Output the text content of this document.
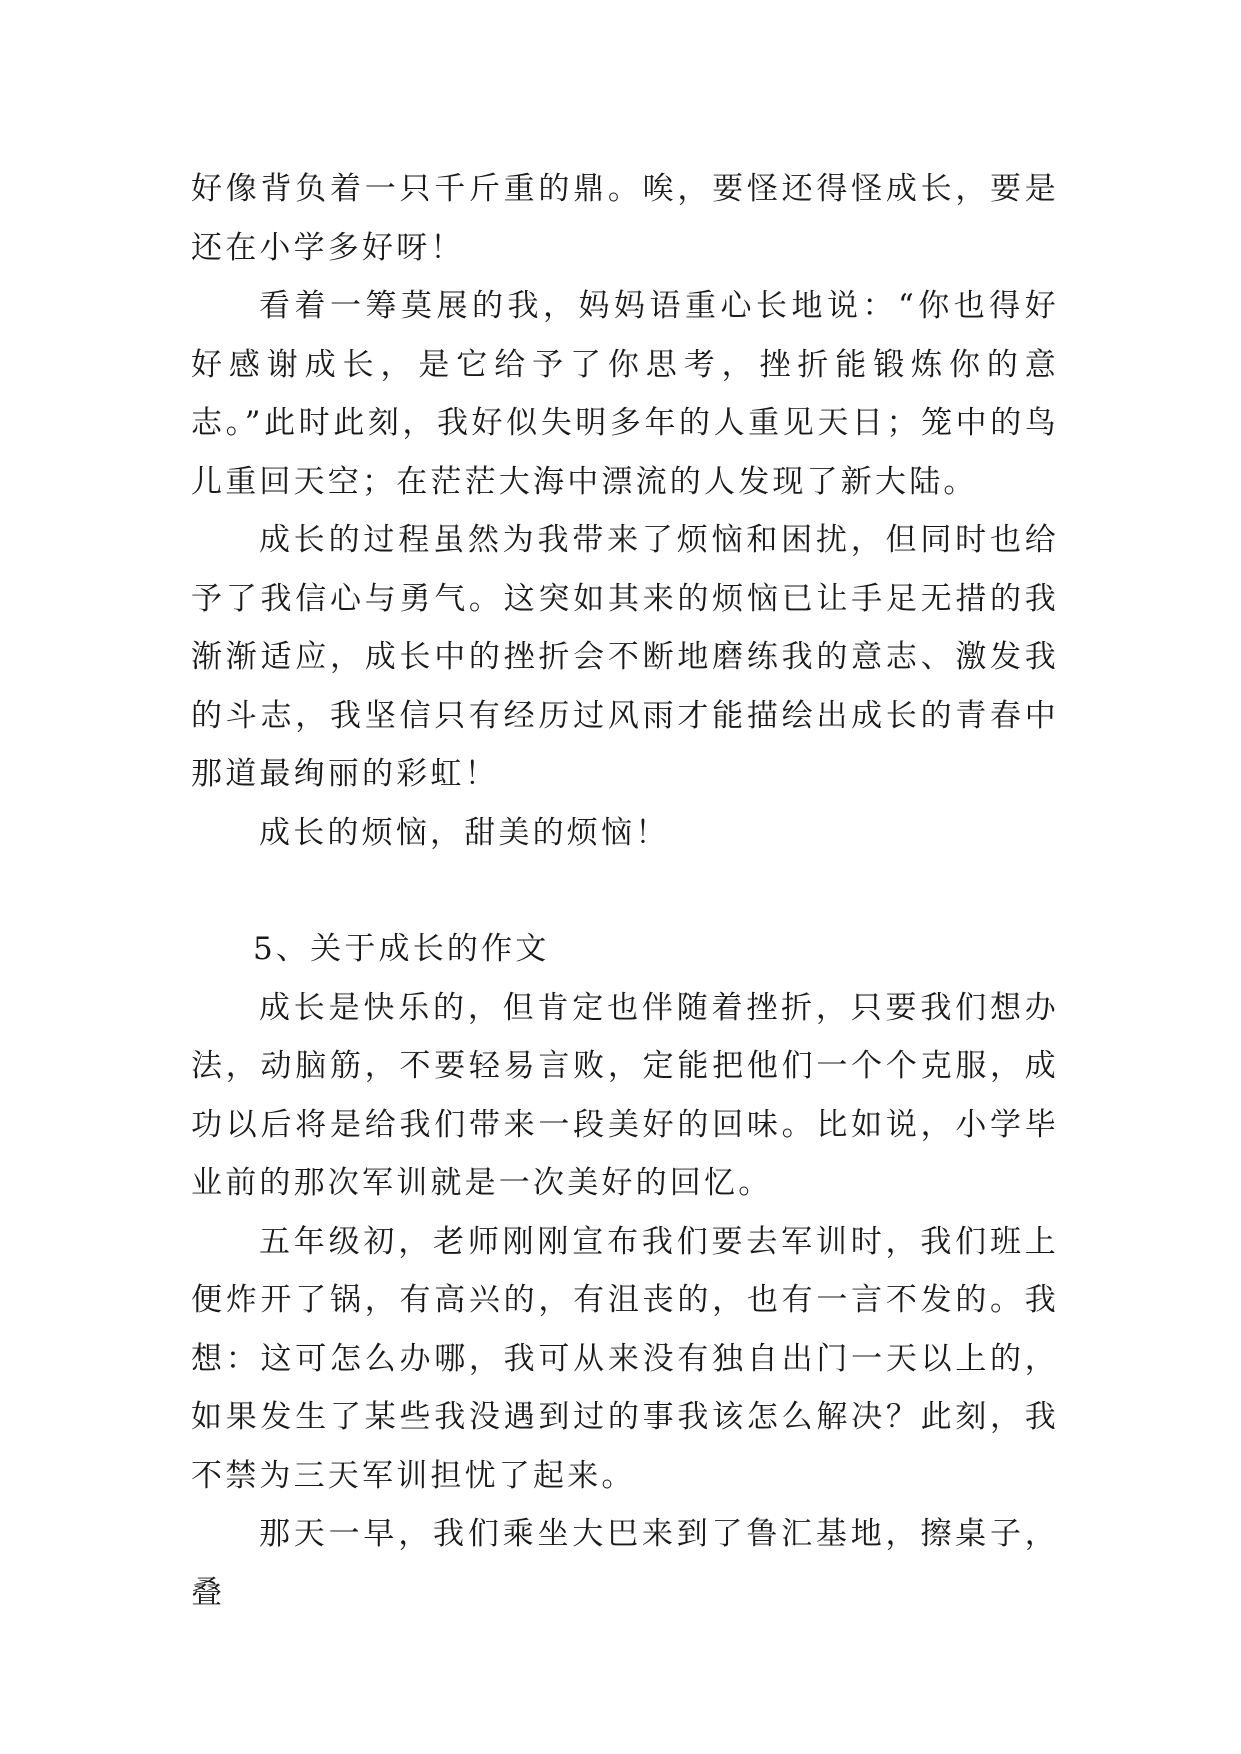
好像背负着一只千斤重的鼎。唉，要怪还得怪成长，要是还在小学多好呀！

看着一筹莫展的我，妈妈语重心长地说：“你也得好好感谢成长，是它给予了你思考，挫折能锻炼你的意志。”此时此刻，我好似失明多年的人重见天日；笼中的鸟儿重回天空；在茫茫大海中漂流的人发现了新大陆。

成长的过程虽然为我带来了烦恼和困扰，但同时也给予了我信心与勇气。这突如其来的烦恼已让手足无措的我渐渐适应，成长中的挫折会不断地磨练我的意志、激发我的斗志，我坚信只有经历过风雨才能描绘出成长的青春中那道最绚丽的彩虹！

成长的烦恼，甜美的烦恼！

5、关于成长的作文

成长是快乐的，但肯定也伴随着挫折，只要我们想办法，动脑筋，不要轻易言败，定能把他们一个个克服，成功以后将是给我们带来一段美好的回味。比如说，小学毕业前的那次军训就是一次美好的回忆。

五年级初，老师刚刚宣布我们要去军训时，我们班上便炸开了锅，有高兴的，有沮丧的，也有一言不发的。我想：这可怎么办哪，我可从来没有独自出门一天以上的，如果发生了某些我没遇到过的事我该怎么解决？此刻，我不禁为三天军训担忧了起来。

那天一早，我们乘坐大巴来到了鲁汇基地，擦桌子，叠
